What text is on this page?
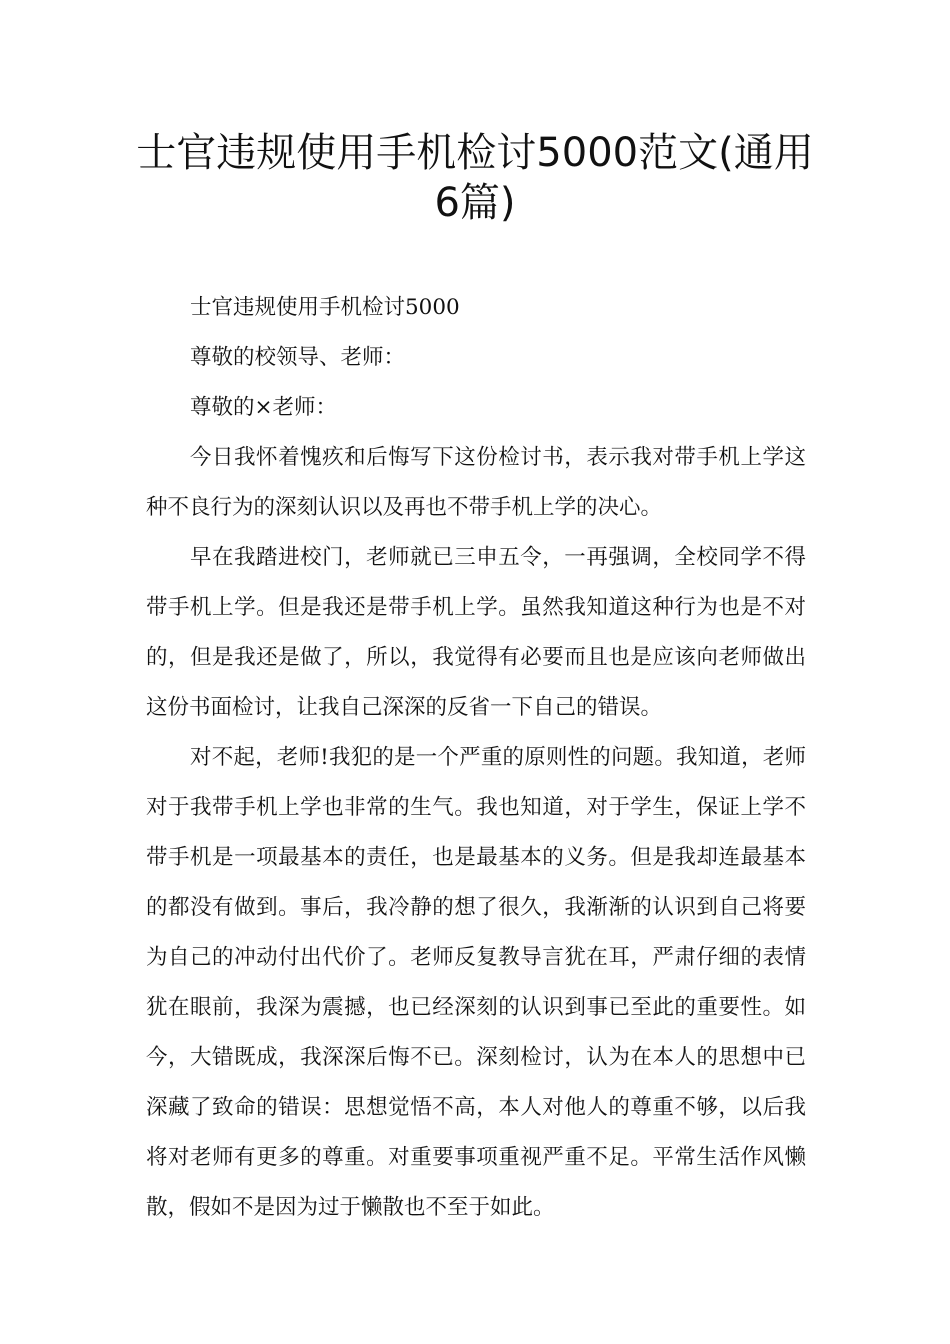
士官违规使用手机检讨5000范文(通用
6篇)

士官违规使用手机检讨5000

尊敬的校领导、老师：

尊敬的×老师：

今日我怀着愧疚和后悔写下这份检讨书，表示我对带手机上学这种不良行为的深刻认识以及再也不带手机上学的决心。

早在我踏进校门，老师就已三申五令，一再强调，全校同学不得带手机上学。但是我还是带手机上学。虽然我知道这种行为也是不对的，但是我还是做了，所以，我觉得有必要而且也是应该向老师做出这份书面检讨，让我自己深深的反省一下自己的错误。

对不起，老师!我犯的是一个严重的原则性的问题。我知道，老师对于我带手机上学也非常的生气。我也知道，对于学生，保证上学不带手机是一项最基本的责任，也是最基本的义务。但是我却连最基本的都没有做到。事后，我冷静的想了很久，我渐渐的认识到自己将要为自己的冲动付出代价了。老师反复教导言犹在耳，严肃仔细的表情犹在眼前，我深为震撼，也已经深刻的认识到事已至此的重要性。如今，大错既成，我深深后悔不已。深刻检讨，认为在本人的思想中已深藏了致命的错误：思想觉悟不高，本人对他人的尊重不够，以后我将对老师有更多的尊重。对重要事项重视严重不足。平常生活作风懒散，假如不是因为过于懒散也不至于如此。
